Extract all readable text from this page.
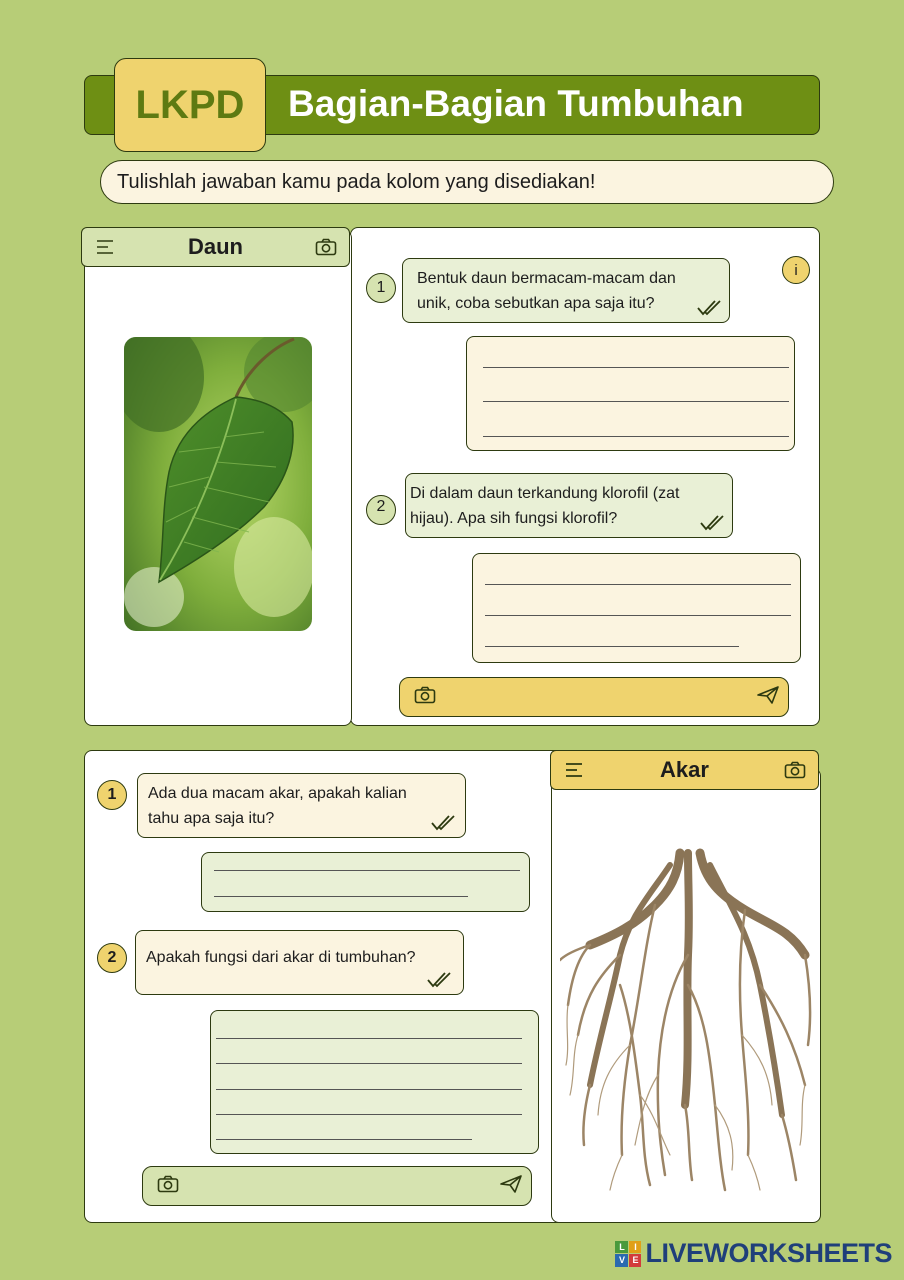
LKPD	Bagian-Bagian Tumbuhan
Tulishlah jawaban kamu pada kolom yang disediakan!
Daun
i
1
Bentuk daun bermacam-macam dan unik, coba sebutkan apa saja itu?
2
Di dalam daun terkandung klorofil (zat hijau). Apa sih fungsi klorofil?
Akar
1	Ada dua macam akar, apakah kalian tahu apa saja itu?
2	Apakah fungsi dari akar di tumbuhan?
L	I
V E LIVEWORKSHEETS
